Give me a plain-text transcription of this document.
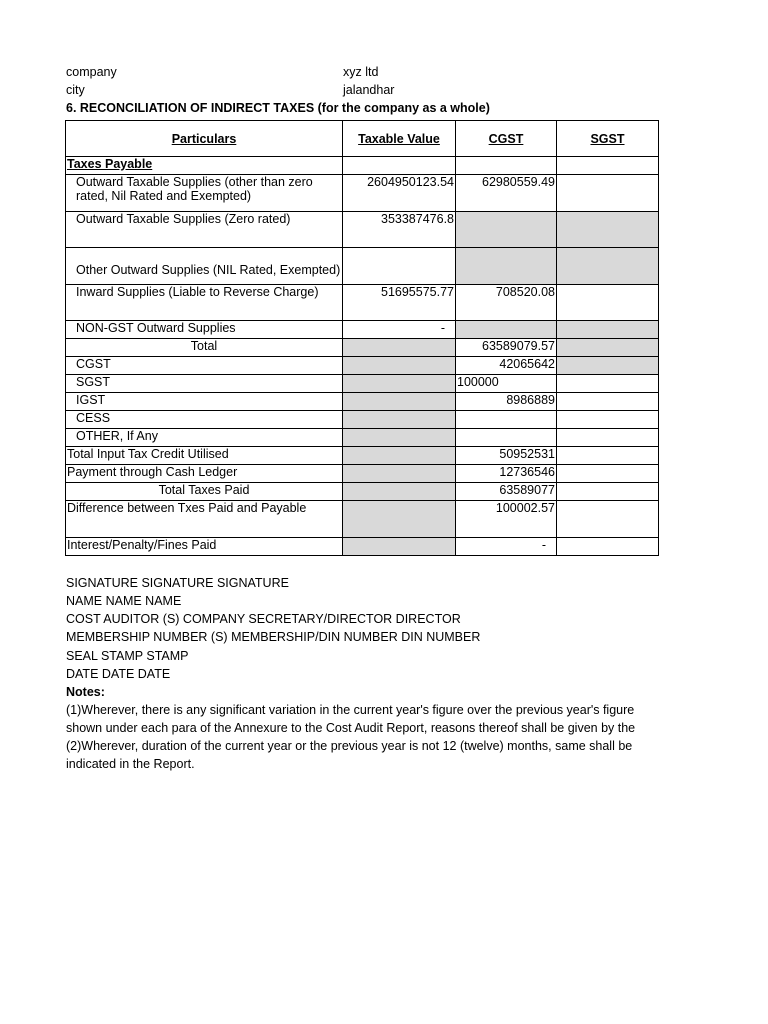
company	xyz ltd
city	jalandhar
6. RECONCILIATION OF INDIRECT TAXES (for the company as a whole)
Particulars	Taxable Value	CGST	SGST
Taxes Payable			
Outward Taxable Supplies (other than zero rated, Nil Rated and Exempted)	2604950123.54	62980559.49	
Outward Taxable Supplies (Zero rated)	353387476.8		
Other Outward Supplies (NIL Rated, Exempted)			
Inward Supplies (Liable to Reverse Charge)	51695575.77	708520.08	
NON-GST Outward Supplies	-		
Total		63589079.57	
CGST		42065642	
SGST		100000	
IGST		8986889	
CESS			
OTHER, If Any			
Total Input Tax Credit Utilised		50952531	
Payment through Cash Ledger		12736546	
Total Taxes Paid		63589077	
Difference between Txes Paid and Payable		100002.57	
Interest/Penalty/Fines Paid		-	
SIGNATURE SIGNATURE SIGNATURE
NAME NAME NAME
COST AUDITOR (S) COMPANY SECRETARY/DIRECTOR DIRECTOR
MEMBERSHIP NUMBER (S) MEMBERSHIP/DIN NUMBER DIN NUMBER
SEAL STAMP STAMP
DATE DATE DATE
Notes:
(1)Wherever, there is any significant variation in the current year's figure over the previous year's figure
shown under each para of the Annexure to the Cost Audit Report, reasons thereof shall be given by the
(2)Wherever, duration of the current year or the previous year is not 12 (twelve) months, same shall be
indicated in the Report.
